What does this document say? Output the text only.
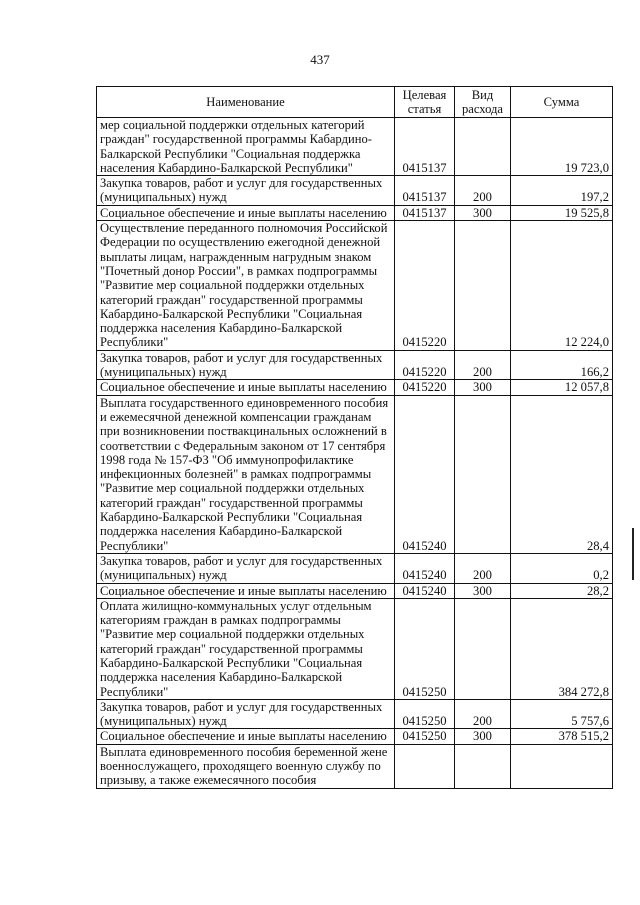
437
Наименование	Целевая статья	Вид расхода	Сумма
мер социальной поддержки отдельных категорий граждан" государственной программы Кабардино-Балкарской Республики "Социальная поддержка населения Кабардино-Балкарской Республики"	0415137		19 723,0
Закупка товаров, работ и услуг для государственных (муниципальных) нужд	0415137	200	197,2
Социальное обеспечение и иные выплаты населению	0415137	300	19 525,8
Осуществление переданного полномочия Российской Федерации по осуществлению ежегодной денежной выплаты лицам, награжденным нагрудным знаком "Почетный донор России", в рамках подпрограммы "Развитие мер социальной поддержки отдельных категорий граждан" государственной программы Кабардино-Балкарской Республики "Социальная поддержка населения Кабардино-Балкарской Республики"	0415220		12 224,0
Закупка товаров, работ и услуг для государственных (муниципальных) нужд	0415220	200	166,2
Социальное обеспечение и иные выплаты населению	0415220	300	12 057,8
Выплата государственного единовременного пособия и ежемесячной денежной компенсации гражданам при возникновении поствакцинальных осложнений в соответствии с Федеральным законом от 17 сентября 1998 года № 157-ФЗ "Об иммунопрофилактике инфекционных болезней" в рамках подпрограммы "Развитие мер социальной поддержки отдельных категорий граждан" государственной программы Кабардино-Балкарской Республики "Социальная поддержка населения Кабардино-Балкарской Республики"	0415240		28,4
Закупка товаров, работ и услуг для государственных (муниципальных) нужд	0415240	200	0,2
Социальное обеспечение и иные выплаты населению	0415240	300	28,2
Оплата жилищно-коммунальных услуг отдельным категориям граждан в рамках подпрограммы "Развитие мер социальной поддержки отдельных категорий граждан" государственной программы Кабардино-Балкарской Республики "Социальная поддержка населения Кабардино-Балкарской Республики"	0415250		384 272,8
Закупка товаров, работ и услуг для государственных (муниципальных) нужд	0415250	200	5 757,6
Социальное обеспечение и иные выплаты населению	0415250	300	378 515,2
Выплата единовременного пособия беременной жене военнослужащего, проходящего военную службу по призыву, а также ежемесячного пособия			
